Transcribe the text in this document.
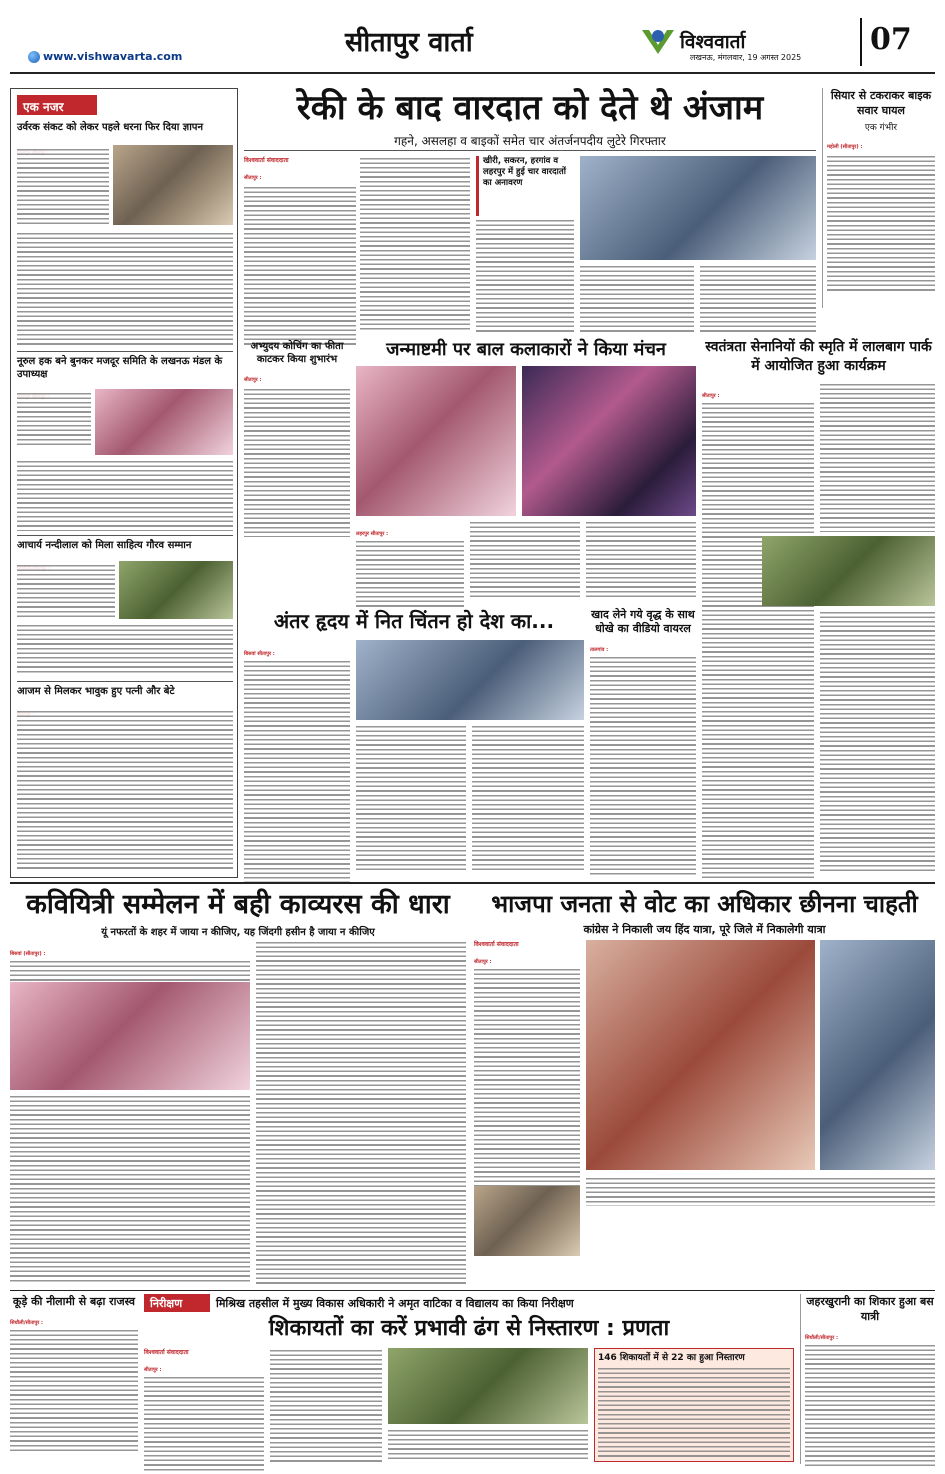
सीतापुर वार्ता
www.vishwavarta.com
विश्ववार्ता
लखनऊ, मंगलवार, 19 अगस्त 2025
07
एक नजर
उर्वरक संकट को लेकर पहले धरना फिर दिया ज्ञापन
नूरुल हक बने बुनकर मजदूर समिति के लखनऊ मंडल के उपाध्यक्ष
आचार्य नन्दीलाल को मिला साहित्य गौरव सम्मान
आजम से मिलकर भावुक हुए पत्नी और बेटे
रेकी के बाद वारदात को देते थे अंजाम
गहने, असलहा व बाइकों समेत चार अंतर्जनपदीय लुटेरे गिरफ्तार
विश्ववार्ता संवाददाता
सीतापुर :
खीरी, सकरन, हरगांव व लहरपुर में हुई चार वारदातों का अनावरण
सियार से टकराकर बाइक सवार घायल
एक गंभीर
महोली (सीतापुर) :
अभ्युदय कोचिंग का फीता काटकर किया शुभारंभ
सीतापुर :
जन्माष्टमी पर बाल कलाकारों ने किया मंचन
लहरपुर सीतापुर :
स्वतंत्रता सेनानियों की स्मृति में लालबाग पार्क में आयोजित हुआ कार्यक्रम
सीतापुर :
अंतर हृदय में नित चिंतन हो देश का...
बिसवां सीतापुर :
खाद लेने गये वृद्ध के साथ धोखे का वीडियो वायरल
तालगांव :
कवियित्री सम्मेलन में बही काव्यरस की धारा
यूं नफरतों के शहर में जाया न कीजिए, यह जिंदगी हसीन है जाया न कीजिए
बिसवां (सीतापुर) :
भाजपा जनता से वोट का अधिकार छीनना चाहती
कांग्रेस ने निकाली जय हिंद यात्रा, पूरे जिले में निकालेगी यात्रा
विश्ववार्ता संवाददाता
सीतापुर :
कूड़े की नीलामी से बढ़ा राजस्व
सिधौली/सीतापुर :
निरीक्षण	मिश्रिख तहसील में मुख्य विकास अधिकारी ने अमृत वाटिका व विद्यालय का किया निरीक्षण
शिकायतों का करें प्रभावी ढंग से निस्तारण : प्रणता
विश्ववार्ता संवाददाता
सीतापुर :
146 शिकायतों में से 22 का हुआ निस्तारण
जहरखुरानी का शिकार हुआ बस यात्री
सिधौली/सीतापुर :
